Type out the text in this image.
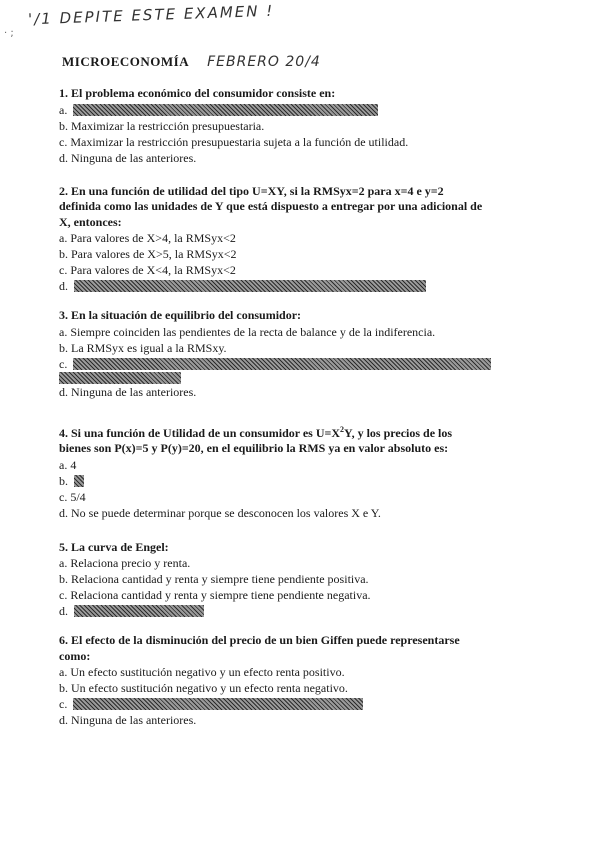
'/1 DEPITE ESTE EXAMEN !
‧ ;
MICROECONOMÍA FEBRERO 20/4
1. El problema económico del consumidor consiste en:
a.
b. Maximizar la restricción presupuestaria.
c. Maximizar la restricción presupuestaria sujeta a la función de utilidad.
d. Ninguna de las anteriores.
2. En una función de utilidad del tipo U=XY, si la RMSyx=2 para x=4 e y=2
definida como las unidades de Y que está dispuesto a entregar por una adicional de
X, entonces:
a. Para valores de X>4, la RMSyx<2
b. Para valores de X>5, la RMSyx<2
c. Para valores de X<4, la RMSyx<2
d.
3. En la situación de equilibrio del consumidor:
a. Siempre coinciden las pendientes de la recta de balance y de la indiferencia.
b. La RMSyx es igual a la RMSxy.
c.
d. Ninguna de las anteriores.
4. Si una función de Utilidad de un consumidor es $U=X^2Y$, y los precios de los
bienes son P(x)=5 y P(y)=20, en el equilibrio la RMS ya en valor absoluto es:
a. 4
b.
c. 5/4
d. No se puede determinar porque se desconocen los valores X e Y.
5. La curva de Engel:
a. Relaciona precio y renta.
b. Relaciona cantidad y renta y siempre tiene pendiente positiva.
c. Relaciona cantidad y renta y siempre tiene pendiente negativa.
d.
6. El efecto de la disminución del precio de un bien Giffen puede representarse
como:
a. Un efecto sustitución negativo y un efecto renta positivo.
b. Un efecto sustitución negativo y un efecto renta negativo.
c.
d. Ninguna de las anteriores.
